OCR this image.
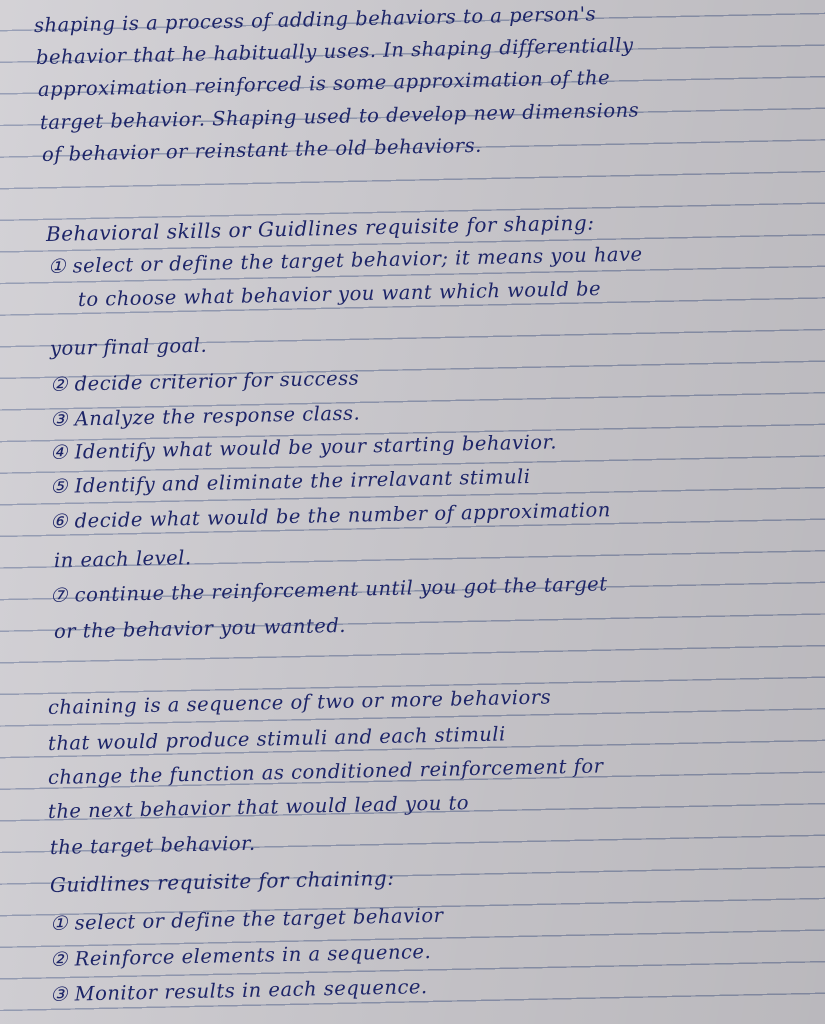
shaping is a process of adding behaviors to a person's
behavior that he habitually uses. In shaping differentially
approximation reinforced is some approximation of the
target behavior. Shaping used to develop new dimensions
of behavior or reinstant the old behaviors.
Behavioral skills or Guidlines requisite for shaping:
① select or define the target behavior; it means you have
to choose what behavior you want which would be
your final goal.
② decide criterior for success
③ Analyze the response class.
④ Identify what would be your starting behavior.
⑤ Identify and eliminate the irrelavant stimuli
⑥ decide what would be the number of approximation
in each level.
⑦ continue the reinforcement until you got the target
or the behavior you wanted.
chaining is a sequence of two or more behaviors
that would produce stimuli and each stimuli
change the function as conditioned reinforcement for
the next behavior that would lead you to
the target behavior.
Guidlines requisite for chaining:
① select or define the target behavior
② Reinforce elements in a sequence.
③ Monitor results in each sequence.
